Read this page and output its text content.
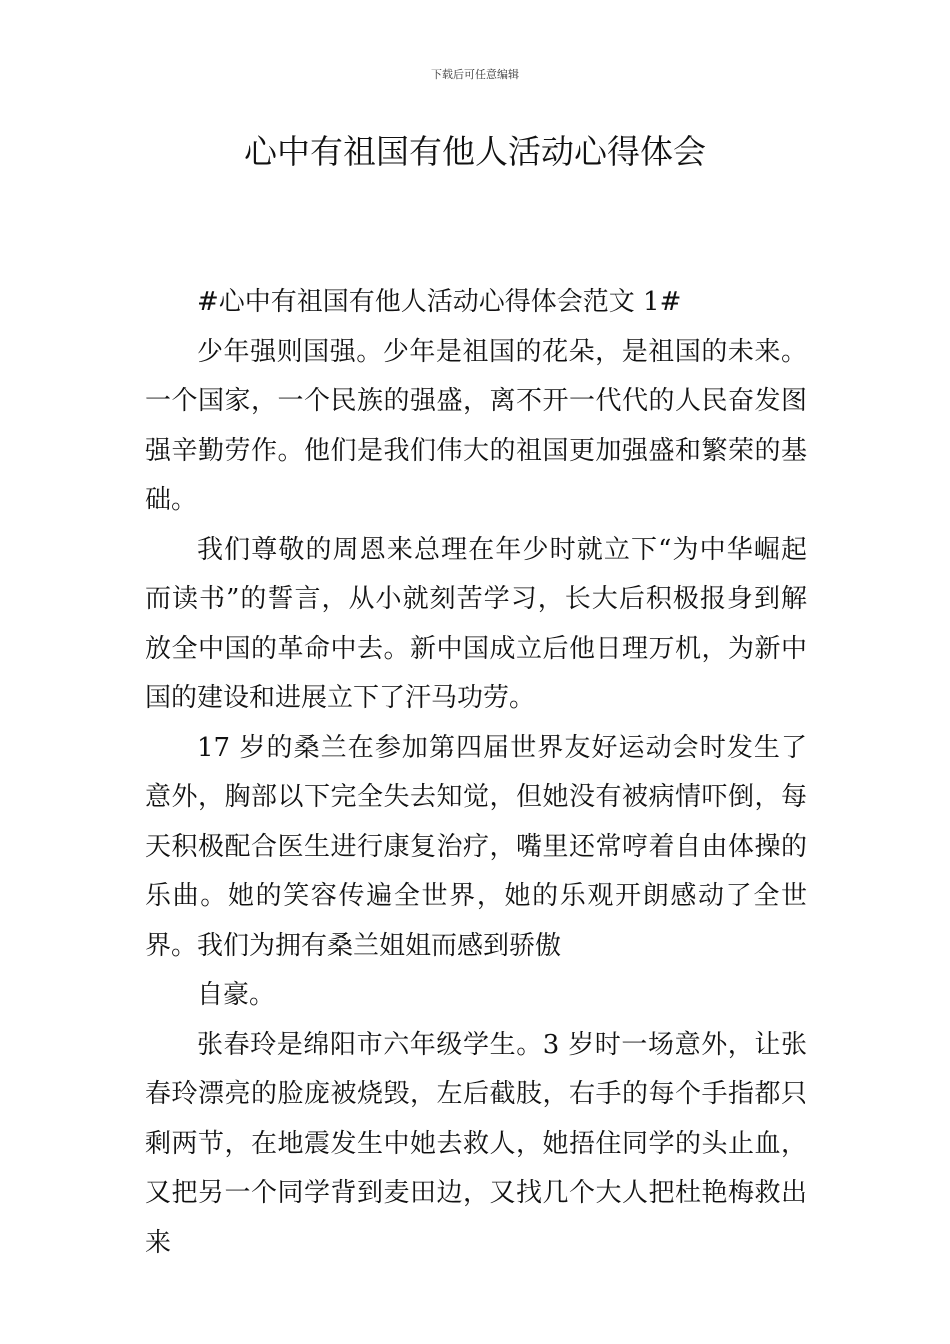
下载后可任意编辑
心中有祖国有他人活动心得体会

#心中有祖国有他人活动心得体会范文 1#

少年强则国强。少年是祖国的花朵，是祖国的未来。一个国家，一个民族的强盛，离不开一代代的人民奋发图强辛勤劳作。他们是我们伟大的祖国更加强盛和繁荣的基础。

我们尊敬的周恩来总理在年少时就立下“为中华崛起而读书”的誓言，从小就刻苦学习，长大后积极报身到解放全中国的革命中去。新中国成立后他日理万机，为新中国的建设和进展立下了汗马功劳。

17 岁的桑兰在参加第四届世界友好运动会时发生了意外，胸部以下完全失去知觉，但她没有被病情吓倒，每天积极配合医生进行康复治疗，嘴里还常哼着自由体操的乐曲。她的笑容传遍全世界，她的乐观开朗感动了全世界。我们为拥有桑兰姐姐而感到骄傲

自豪。

张春玲是绵阳市六年级学生。3 岁时一场意外，让张春玲漂亮的脸庞被烧毁，左后截肢，右手的每个手指都只剩两节，在地震发生中她去救人，她捂住同学的头止血，又把另一个同学背到麦田边，又找几个大人把杜艳梅救出来
